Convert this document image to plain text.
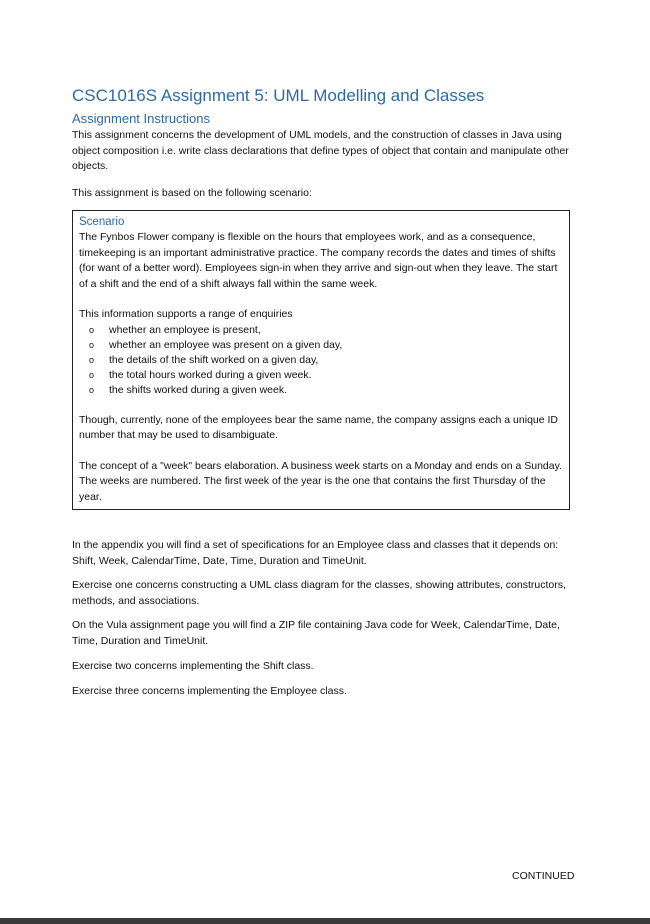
CSC1016S Assignment 5: UML Modelling and Classes
Assignment Instructions

This assignment concerns the development of UML models, and the construction of classes in Java using object composition i.e. write class declarations that define types of object that contain and manipulate other objects.

This assignment is based on the following scenario:

Scenario

The Fynbos Flower company is flexible on the hours that employees work, and as a consequence, timekeeping is an important administrative practice. The company records the dates and times of shifts (for want of a better word). Employees sign-in when they arrive and sign-out when they leave. The start of a shift and the end of a shift always fall within the same week.

This information supports a range of enquiries

o whether an employee is present,
o whether an employee was present on a given day,
o the details of the shift worked on a given day,
o the total hours worked during a given week.
o the shifts worked during a given week.

Though, currently, none of the employees bear the same name, the company assigns each a unique ID number that may be used to disambiguate.

The concept of a "week" bears elaboration. A business week starts on a Monday and ends on a Sunday. The weeks are numbered. The first week of the year is the one that contains the first Thursday of the year.

In the appendix you will find a set of specifications for an Employee class and classes that it depends on: Shift, Week, CalendarTime, Date, Time, Duration and TimeUnit.

Exercise one concerns constructing a UML class diagram for the classes, showing attributes, constructors, methods, and associations.

On the Vula assignment page you will find a ZIP file containing Java code for Week, CalendarTime, Date, Time, Duration and TimeUnit.

Exercise two concerns implementing the Shift class.

Exercise three concerns implementing the Employee class.

CONTINUED
